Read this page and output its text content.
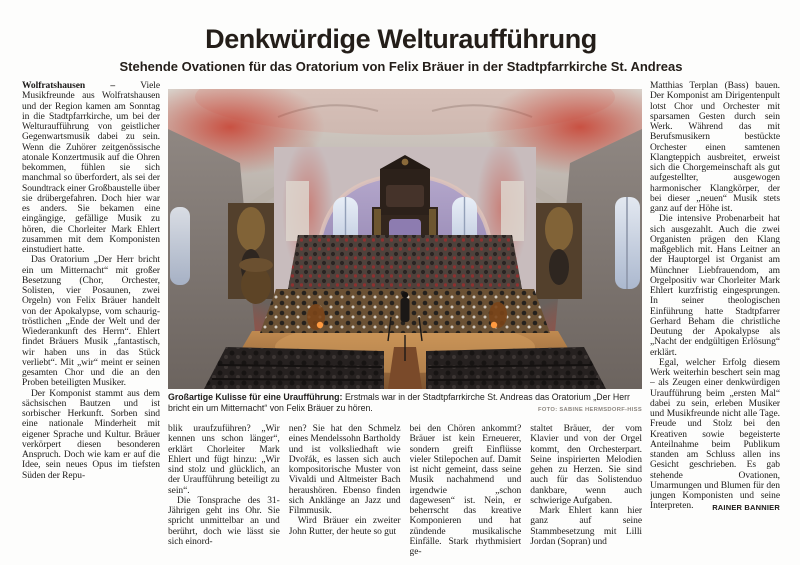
Denkwürdige Welturaufführung
Stehende Ovationen für das Oratorium von Felix Bräuer in der Stadtpfarrkirche St. Andreas

Wolfratshausen – Viele Musikfreunde aus Wolfratshausen und der Region kamen am Sonntag in die Stadtpfarrkirche, um bei der Welturaufführung von geistlicher Gegenwartsmusik dabei zu sein. Wenn die Zuhörer zeitgenössische atonale Konzertmusik auf die Ohren bekommen, fühlen sie sich manchmal so überfordert, als sei der Soundtrack einer Großbaustelle über sie drübergefahren. Doch hier war es anders. Sie bekamen eine eingängige, gefällige Musik zu hören, die Chorleiter Mark Ehlert zusammen mit dem Komponisten einstudiert hatte.

Das Oratorium „Der Herr bricht ein um Mitternacht“ mit großer Besetzung (Chor, Orchester, Solisten, vier Posaunen, zwei Orgeln) von Felix Bräuer handelt von der Apokalypse, vom schaurig-tröstlichen „Ende der Welt und der Wiederankunft des Herrn“. Ehlert findet Bräuers Musik „fantastisch, wir haben uns in das Stück verliebt“. Mit „wir“ meint er seinen gesamten Chor und die an den Proben beteiligten Musiker.

Der Komponist stammt aus dem sächsischen Bautzen und ist sorbischer Herkunft. Sorben sind eine nationale Minderheit mit eigener Sprache und Kultur. Bräuer verkörpert diesen besonderen Anspruch. Doch wie kam er auf die Idee, sein neues Opus im tiefsten Süden der Repu-

Großartige Kulisse für eine Uraufführung: Erstmals war in der Stadtpfarrkirche St. Andreas das Oratorium „Der Herr bricht ein um Mitternacht“ von Felix Bräuer zu hören.	FOTO: SABINE HERMSDORF-HISS

blik uraufzuführen? „Wir kennen uns schon länger“, erklärt Chorleiter Mark Ehlert und fügt hinzu: „Wir sind stolz und glücklich, an der Uraufführung beteiligt zu sein“.

Die Tonsprache des 31-Jährigen geht ins Ohr. Sie spricht unmittelbar an und berührt, doch wie lässt sie sich einord-

nen? Sie hat den Schmelz eines Mendelssohn Bartholdy und ist volksliedhaft wie Dvořák, es lassen sich auch kompositorische Muster von Vivaldi und Altmeister Bach heraushören. Ebenso finden sich Anklänge an Jazz und Filmmusik.

Wird Bräuer ein zweiter John Rutter, der heute so gut

bei den Chören ankommt? Bräuer ist kein Erneuerer, sondern greift Einflüsse vieler Stilepochen auf. Damit ist nicht gemeint, dass seine Musik nachahmend und irgendwie „schon dagewesen“ ist. Nein, er beherrscht das kreative Komponieren und hat zündende musikalische Einfälle. Stark rhythmisiert ge-

staltet Bräuer, der vom Klavier und von der Orgel kommt, den Orchesterpart. Seine inspirierten Melodien gehen zu Herzen. Sie sind auch für das Solistenduo dankbare, wenn auch schwierige Aufgaben.

Mark Ehlert kann hier ganz auf seine Stammbesetzung mit Lilli Jordan (Sopran) und

Matthias Terplan (Bass) bauen. Der Komponist am Dirigentenpult lotst Chor und Orchester mit sparsamen Gesten durch sein Werk. Während das mit Berufsmusikern bestückte Orchester einen samtenen Klangteppich ausbreitet, erweist sich die Chorgemeinschaft als gut aufgestellter, ausgewogen harmonischer Klangkörper, der bei dieser „neuen“ Musik stets ganz auf der Höhe ist.

Die intensive Probenarbeit hat sich ausgezahlt. Auch die zwei Organisten prägen den Klang maßgeblich mit. Hans Leitner an der Hauptorgel ist Organist am Münchner Liebfrauendom, am Orgelpositiv war Chorleiter Mark Ehlert kurzfristig eingesprungen. In seiner theologischen Einführung hatte Stadtpfarrer Gerhard Beham die christliche Deutung der Apokalypse als „Nacht der endgültigen Erlösung“ erklärt.

Egal, welcher Erfolg diesem Werk weiterhin beschert sein mag – als Zeugen einer denkwürdigen Uraufführung beim „ersten Mal“ dabei zu sein, erleben Musiker und Musikfreunde nicht alle Tage. Freude und Stolz bei den Kreativen sowie begeisterte Anteilnahme beim Publikum standen am Schluss allen ins Gesicht geschrieben. Es gab stehende Ovationen, Umarmungen und Blumen für den jungen Komponisten und seine Interpreten.	RAINER BANNIER
